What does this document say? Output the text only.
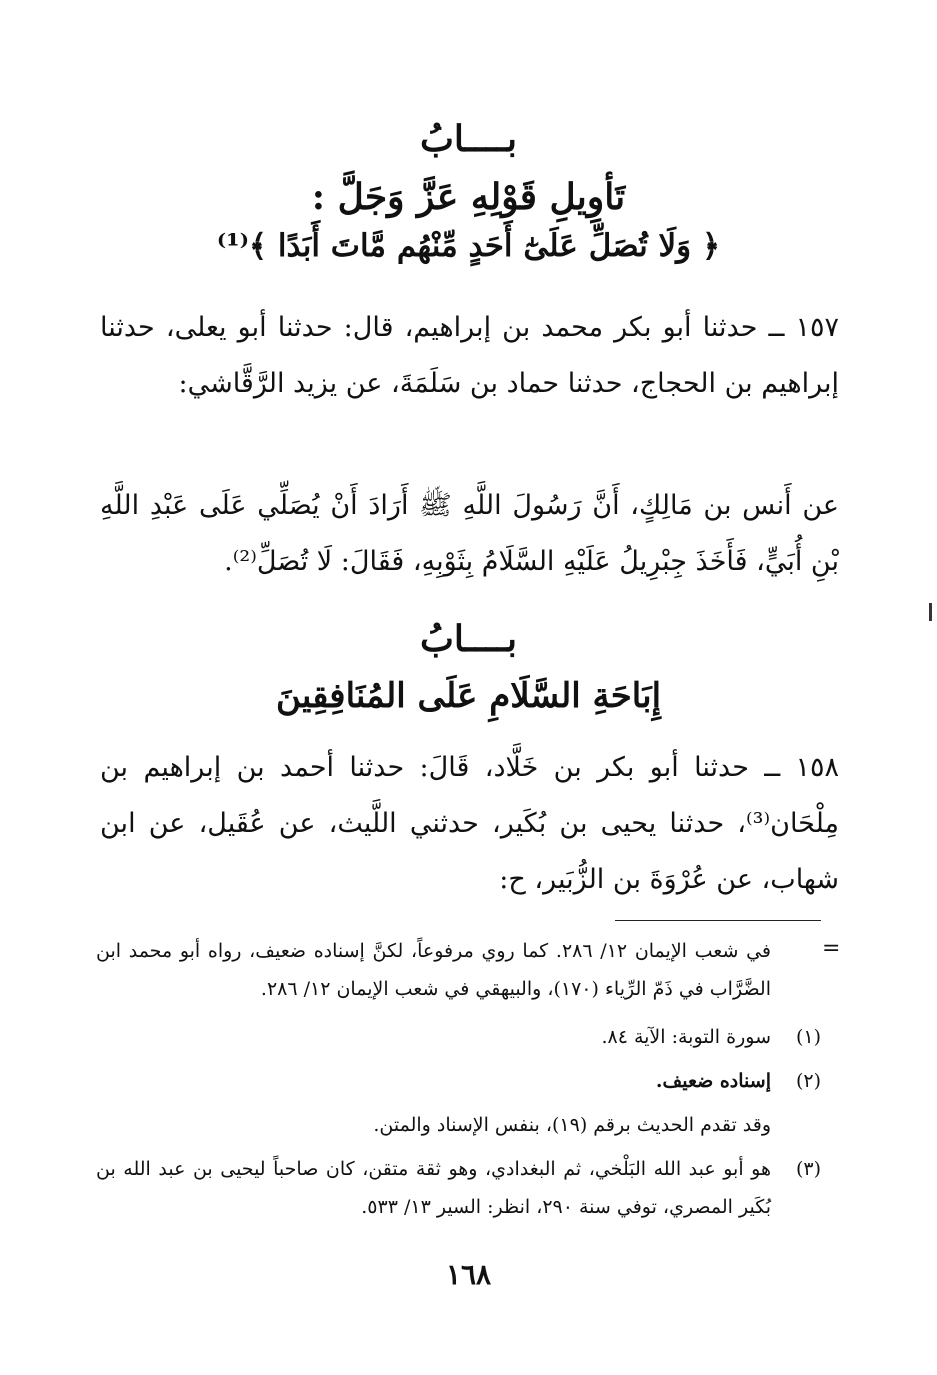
بــــابُ
تَأوِيلِ قَوْلِهِ عَزَّ وَجَلَّ :
﴿ وَلَا تُصَلِّ عَلَىٰٓ أَحَدٍ مِّنْهُم مَّاتَ أَبَدًا ﴾⁽¹⁾
١٥٧ ــ حدثنا أبو بكر محمد بن إبراهيم، قال: حدثنا أبو يعلى، حدثنا إبراهيم بن الحجاج، حدثنا حماد بن سَلَمَةَ، عن يزيد الرَّقَّاشي:
عن أَنس بن مَالِكٍ، أَنَّ رَسُولَ اللَّهِ ﷺ أَرَادَ أَنْ يُصَلِّي عَلَى عَبْدِ اللَّهِ بْنِ أُبَيٍّ، فَأَخَذَ جِبْرِيلُ عَلَيْهِ السَّلَامُ بِثَوْبِهِ، فَقَالَ: لَا تُصَلِّ⁽²⁾.
بــــابُ
إِبَاحَةِ السَّلَامِ عَلَى المُنَافِقِينَ
١٥٨ ــ حدثنا أبو بكر بن خَلَّاد، قَالَ: حدثنا أحمد بن إبراهيم بن مِلْحَان⁽³⁾، حدثنا يحيى بن بُكَير، حدثني اللَّيث، عن عُقَيل، عن ابن شهاب، عن عُرْوَةَ بن الزُّبَير، ح:
=
في شعب الإيمان ١٢/ ٢٨٦. كما روي مرفوعاً، لكنَّ إسناده ضعيف، رواه أبو محمد ابن الضَّرَّاب في ذَمّ الرِّياء (١٧٠)، والبيهقي في شعب الإيمان ١٢/ ٢٨٦.
(١)
سورة التوبة: الآية ٨٤.
(٢)
إسناده ضعيف.
وقد تقدم الحديث برقم (١٩)، بنفس الإسناد والمتن.
(٣)
هو أبو عبد الله البَلْخي، ثم البغدادي، وهو ثقة متقن، كان صاحباً ليحيى بن عبد الله بن بُكَير المصري، توفي سنة ٢٩٠، انظر: السير ١٣/ ٥٣٣.
١٦٨
